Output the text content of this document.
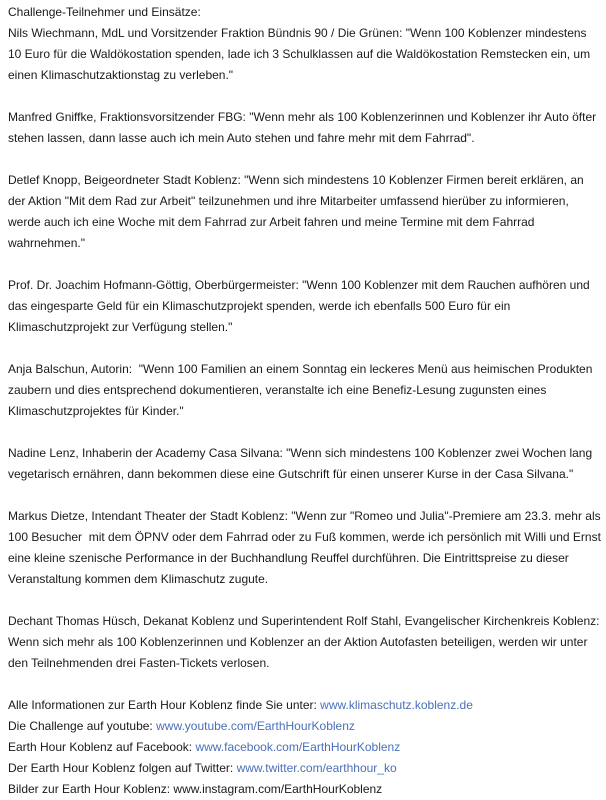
Challenge-Teilnehmer und Einsätze:

Nils Wiechmann, MdL und Vorsitzender Fraktion Bündnis 90 / Die Grünen: "Wenn 100 Koblenzer mindestens 10 Euro für die Waldökostation spenden, lade ich 3 Schulklassen auf die Waldökostation Remstecken ein, um einen Klimaschutzaktionstag zu verleben."

Manfred Gniffke, Fraktionsvorsitzender FBG: "Wenn mehr als 100 Koblenzerinnen und Koblenzer ihr Auto öfter stehen lassen, dann lasse auch ich mein Auto stehen und fahre mehr mit dem Fahrrad".

Detlef Knopp, Beigeordneter Stadt Koblenz: "Wenn sich mindestens 10 Koblenzer Firmen bereit erklären, an der Aktion "Mit dem Rad zur Arbeit" teilzunehmen und ihre Mitarbeiter umfassend hierüber zu informieren, werde auch ich eine Woche mit dem Fahrrad zur Arbeit fahren und meine Termine mit dem Fahrrad wahrnehmen."

Prof. Dr. Joachim Hofmann-Göttig, Oberbürgermeister: "Wenn 100 Koblenzer mit dem Rauchen aufhören und das eingesparte Geld für ein Klimaschutzprojekt spenden, werde ich ebenfalls 500 Euro für ein Klimaschutzprojekt zur Verfügung stellen."

Anja Balschun, Autorin:  "Wenn 100 Familien an einem Sonntag ein leckeres Menü aus heimischen Produkten zaubern und dies entsprechend dokumentieren, veranstalte ich eine Benefiz-Lesung zugunsten eines Klimaschutzprojektes für Kinder."

Nadine Lenz, Inhaberin der Academy Casa Silvana: "Wenn sich mindestens 100 Koblenzer zwei Wochen lang vegetarisch ernähren, dann bekommen diese eine Gutschrift für einen unserer Kurse in der Casa Silvana."

Markus Dietze, Intendant Theater der Stadt Koblenz: "Wenn zur "Romeo und Julia"-Premiere am 23.3. mehr als 100 Besucher  mit dem ÖPNV oder dem Fahrrad oder zu Fuß kommen, werde ich persönlich mit Willi und Ernst eine kleine szenische Performance in der Buchhandlung Reuffel durchführen. Die Eintrittspreise zu dieser Veranstaltung kommen dem Klimaschutz zugute.

Dechant Thomas Hüsch, Dekanat Koblenz und Superintendent Rolf Stahl, Evangelischer Kirchenkreis Koblenz: Wenn sich mehr als 100 Koblenzerinnen und Koblenzer an der Aktion Autofasten beteiligen, werden wir unter den Teilnehmenden drei Fasten-Tickets verlosen.

Alle Informationen zur Earth Hour Koblenz finde Sie unter: www.klimaschutz.koblenz.de
Die Challenge auf youtube: www.youtube.com/EarthHourKoblenz
Earth Hour Koblenz auf Facebook: www.facebook.com/EarthHourKoblenz
Der Earth Hour Koblenz folgen auf Twitter: www.twitter.com/earthhour_ko
Bilder zur Earth Hour Koblenz: www.instagram.com/EarthHourKoblenz
